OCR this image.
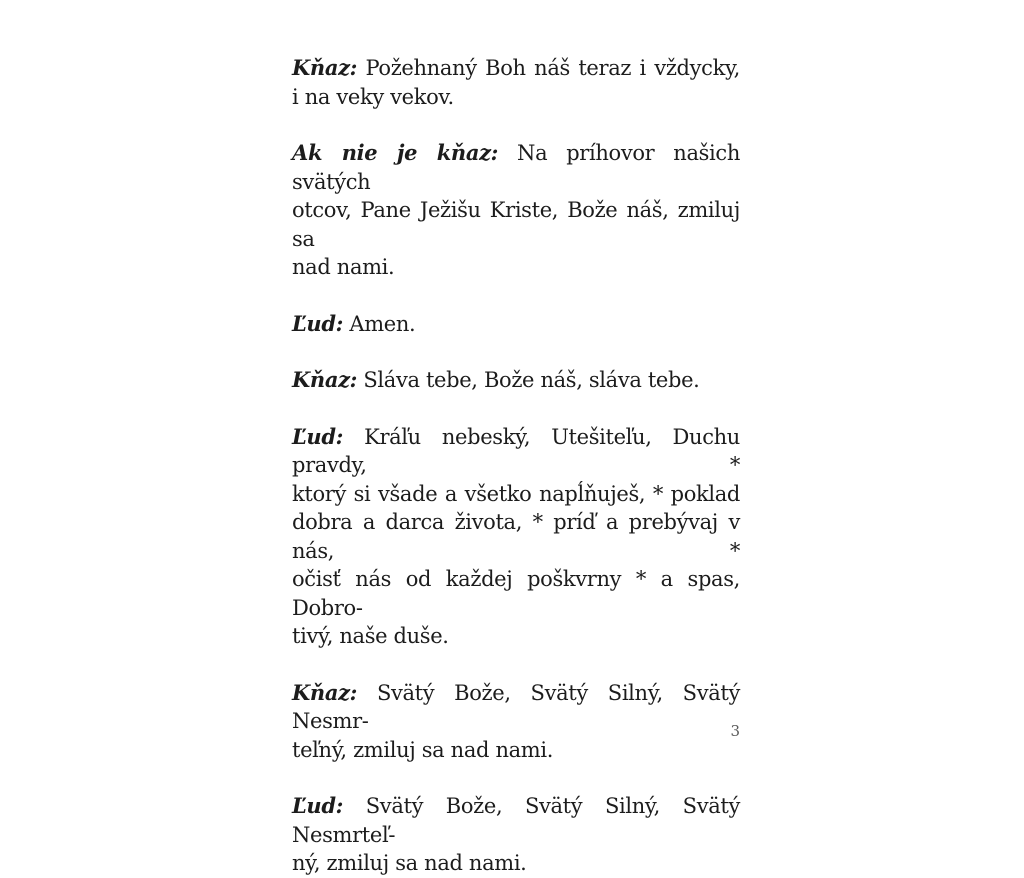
Kňaz: Požehnaný Boh náš teraz i vždycky,
i na veky vekov.

Ak nie je kňaz: Na príhovor našich svätých
otcov, Pane Ježišu Kriste, Bože náš, zmiluj sa
nad nami.

Ľud: Amen.

Kňaz: Sláva tebe, Bože náš, sláva tebe.

Ľud: Kráľu nebeský, Utešiteľu, Duchu pravdy, *
ktorý si všade a všetko napĺňuješ, * poklad
dobra a darca života, * príď a prebývaj v nás, *
očisť nás od každej poškvrny * a spas, Dobro-
tivý, naše duše.

Kňaz: Svätý Bože, Svätý Silný, Svätý Nesmr-
teľný, zmiluj sa nad nami.

Ľud: Svätý Bože, Svätý Silný, Svätý Nesmrteľ-
ný, zmiluj sa nad nami.

3
